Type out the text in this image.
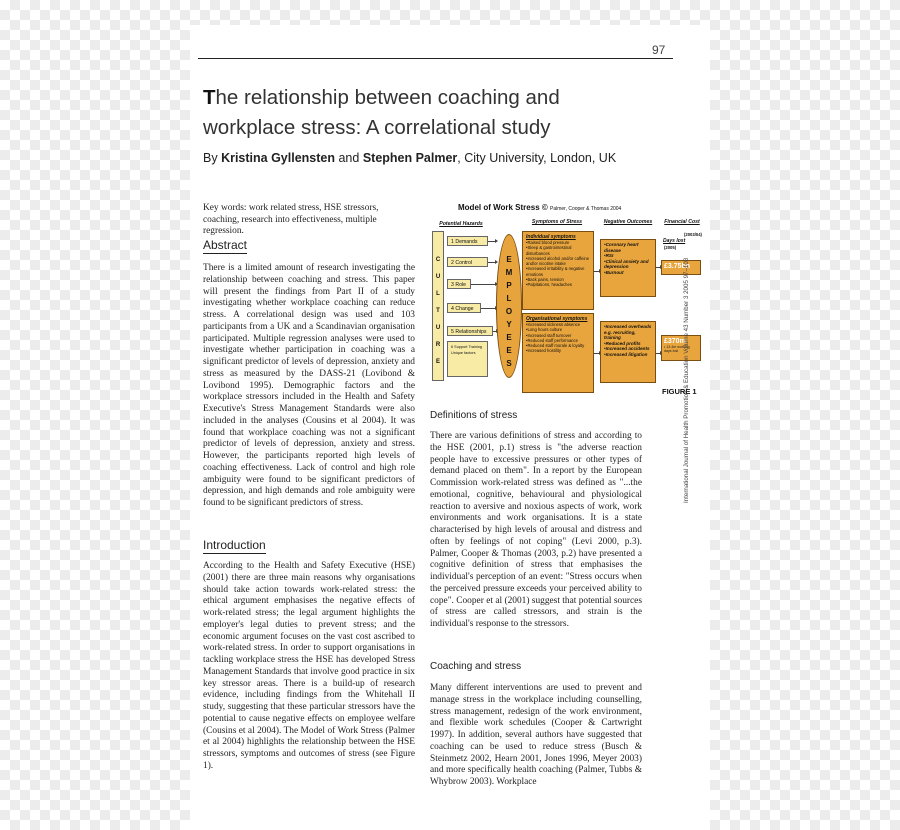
97
The relationship between coaching and workplace stress: A correlational study
By Kristina Gyllensten and Stephen Palmer, City University, London, UK
Key words: work related stress, HSE stressors, coaching, research into effectiveness, multiple regression.
Abstract
There is a limited amount of research investigating the relationship between coaching and stress. This paper will present the findings from Part II of a study investigating whether workplace coaching can reduce stress. A correlational design was used and 103 participants from a UK and a Scandinavian organisation participated. Multiple regression analyses were used to investigate whether participation in coaching was a significant predictor of levels of depression, anxiety and stress as measured by the DASS-21 (Lovibond & Lovibond 1995). Demographic factors and the workplace stressors included in the Health and Safety Executive's Stress Management Standards were also included in the analyses (Cousins et al 2004). It was found that workplace coaching was not a significant predictor of levels of depression, anxiety and stress. However, the participants reported high levels of coaching effectiveness. Lack of control and high role ambiguity were found to be significant predictors of depression, and high demands and role ambiguity were found to be significant predictors of stress.
Introduction
According to the Health and Safety Executive (HSE) (2001) there are three main reasons why organisations should take action towards work-related stress: the ethical argument emphasises the negative effects of work-related stress; the legal argument highlights the employer's legal duties to prevent stress; and the economic argument focuses on the vast cost ascribed to work-related stress. In order to support organisations in tackling workplace stress the HSE has developed Stress Management Standards that involve good practice in six key stressor areas. There is a build-up of research evidence, including findings from the Whitehall II study, suggesting that these particular stressors have the potential to cause negative effects on employee welfare (Cousins et al 2004). The Model of Work Stress (Palmer et al 2004) highlights the relationship between the HSE stressors, symptoms and outcomes of stress (see Figure 1).
Model of Work Stress © Palmer, Cooper & Thomas 2004
Potential Hazards	Symptoms of Stress	Negative Outcomes	Financial Cost
(2003/04)
Days lost
(2005)
C
U
L
T
U
R
E
1 Demands
2 Control
3 Role
4 Change
5 Relationships
6 Support Training Unique factors
E
M
P
L
O
Y
E
E
S
Individual symptoms
•Raised blood pressure
•Sleep & gastrointestinal disturbances
•Increased alcohol and/or caffeine and/or nicotine intake
•Increased irritability & negative emotions
•Back pains, tension
•Palpitations, headaches
Organisational symptoms
•Increased sickness absence
•Long hours culture
•Increased staff turnover
•Reduced staff performance
•Reduced staff morale & loyalty
•Increased hostility
•Coronary heart disease
•RSI
•Clinical anxiety and depression
•Burnout
•Increased overheads e.g. recruiting, training
•Reduced profits
•Increased accidents
•Increased litigation
£3.75bn
£370m
• 13.4m working days lost
FIGURE 1
Definitions of stress
There are various definitions of stress and according to the HSE (2001, p.1) stress is "the adverse reaction people have to excessive pressures or other types of demand placed on them". In a report by the European Commission work-related stress was defined as "...the emotional, cognitive, behavioural and physiological reaction to aversive and noxious aspects of work, work environments and work organisations. It is a state characterised by high levels of arousal and distress and often by feelings of not coping" (Levi 2000, p.3). Palmer, Cooper & Thomas (2003, p.2) have presented a cognitive definition of stress that emphasises the individual's perception of an event: "Stress occurs when the perceived pressure exceeds your perceived ability to cope". Cooper et al (2001) suggest that potential sources of stress are called stressors, and strain is the individual's response to the stressors.
Coaching and stress
Many different interventions are used to prevent and manage stress in the workplace including counselling, stress management, redesign of the work environment, and flexible work schedules (Cooper & Cartwright 1997). In addition, several authors have suggested that coaching can be used to reduce stress (Busch & Steinmetz 2002, Hearn 2001, Jones 1996, Meyer 2003) and more specifically health coaching (Palmer, Tubbs & Whybrow 2003). Workplace
International Journal of Health Promotion & Education Volume 43 Number 3 2005 97–103
